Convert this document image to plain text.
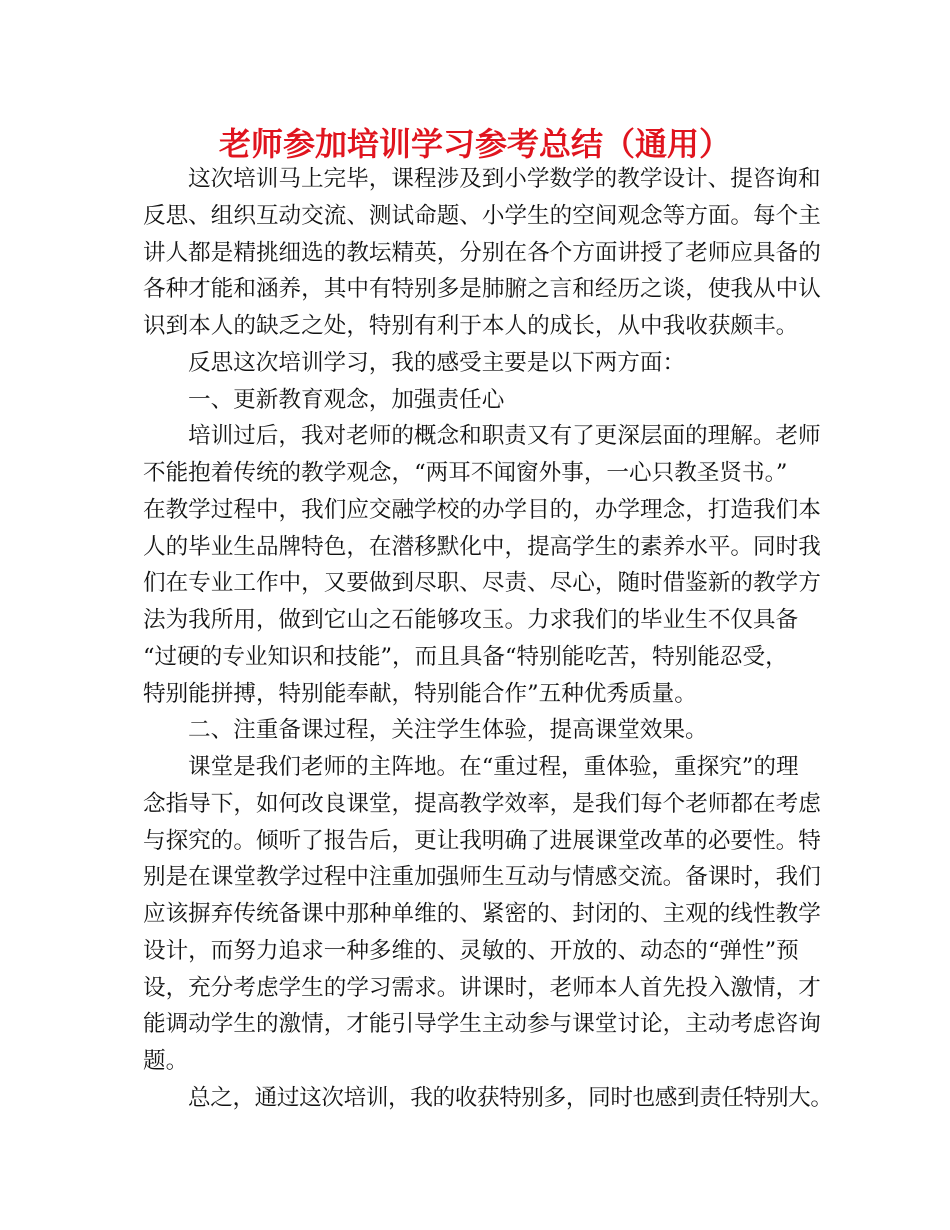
老师参加培训学习参考总结（通用）
这次培训马上完毕，课程涉及到小学数学的教学设计、提咨询和
反思、组织互动交流、测试命题、小学生的空间观念等方面。每个主
讲人都是精挑细选的教坛精英，分别在各个方面讲授了老师应具备的
各种才能和涵养，其中有特别多是肺腑之言和经历之谈，使我从中认
识到本人的缺乏之处，特别有利于本人的成长，从中我收获颇丰。
反思这次培训学习，我的感受主要是以下两方面：
一、更新教育观念，加强责任心
培训过后，我对老师的概念和职责又有了更深层面的理解。老师
不能抱着传统的教学观念，“两耳不闻窗外事，一心只教圣贤书。”
在教学过程中，我们应交融学校的办学目的，办学理念，打造我们本
人的毕业生品牌特色，在潜移默化中，提高学生的素养水平。同时我
们在专业工作中，又要做到尽职、尽责、尽心，随时借鉴新的教学方
法为我所用，做到它山之石能够攻玉。力求我们的毕业生不仅具备
“过硬的专业知识和技能”，而且具备“特别能吃苦，特别能忍受，
特别能拼搏，特别能奉献，特别能合作”五种优秀质量。
二、注重备课过程，关注学生体验，提高课堂效果。
课堂是我们老师的主阵地。在“重过程，重体验，重探究”的理
念指导下，如何改良课堂，提高教学效率，是我们每个老师都在考虑
与探究的。倾听了报告后，更让我明确了进展课堂改革的必要性。特
别是在课堂教学过程中注重加强师生互动与情感交流。备课时，我们
应该摒弃传统备课中那种单维的、紧密的、封闭的、主观的线性教学
设计，而努力追求一种多维的、灵敏的、开放的、动态的“弹性”预
设，充分考虑学生的学习需求。讲课时，老师本人首先投入激情，才
能调动学生的激情，才能引导学生主动参与课堂讨论，主动考虑咨询
题。
总之，通过这次培训，我的收获特别多，同时也感到责任特别大。
